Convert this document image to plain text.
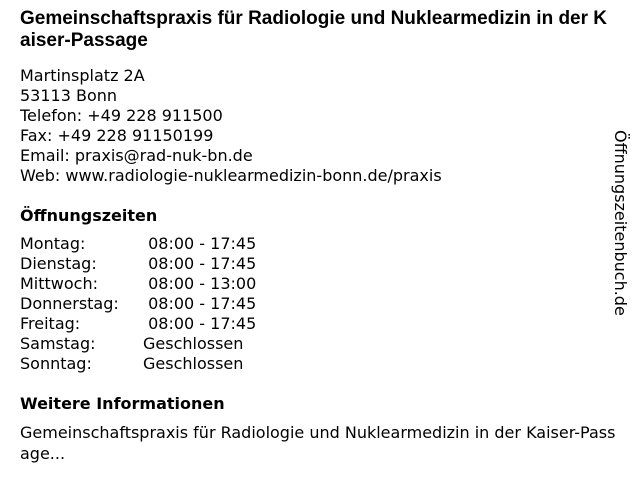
Gemeinschaftspraxis für Radiologie und Nuklearmedizin in der Kaiser-Passage
Martinsplatz 2A
53113 Bonn
Telefon: +49 228 911500
Fax: +49 228 91150199
Email: praxis@rad-nuk-bn.de
Web: www.radiologie-nuklearmedizin-bonn.de/praxis
Öffnungszeiten
Montag:	08:00 - 17:45
Dienstag:	08:00 - 17:45
Mittwoch:	08:00 - 13:00
Donnerstag:	08:00 - 17:45
Freitag:	08:00 - 17:45
Samstag:	Geschlossen
Sonntag:	Geschlossen
Weitere Informationen
Gemeinschaftspraxis für Radiologie und Nuklearmedizin in der Kaiser-Passage...
Öffnungszeitenbuch.de
